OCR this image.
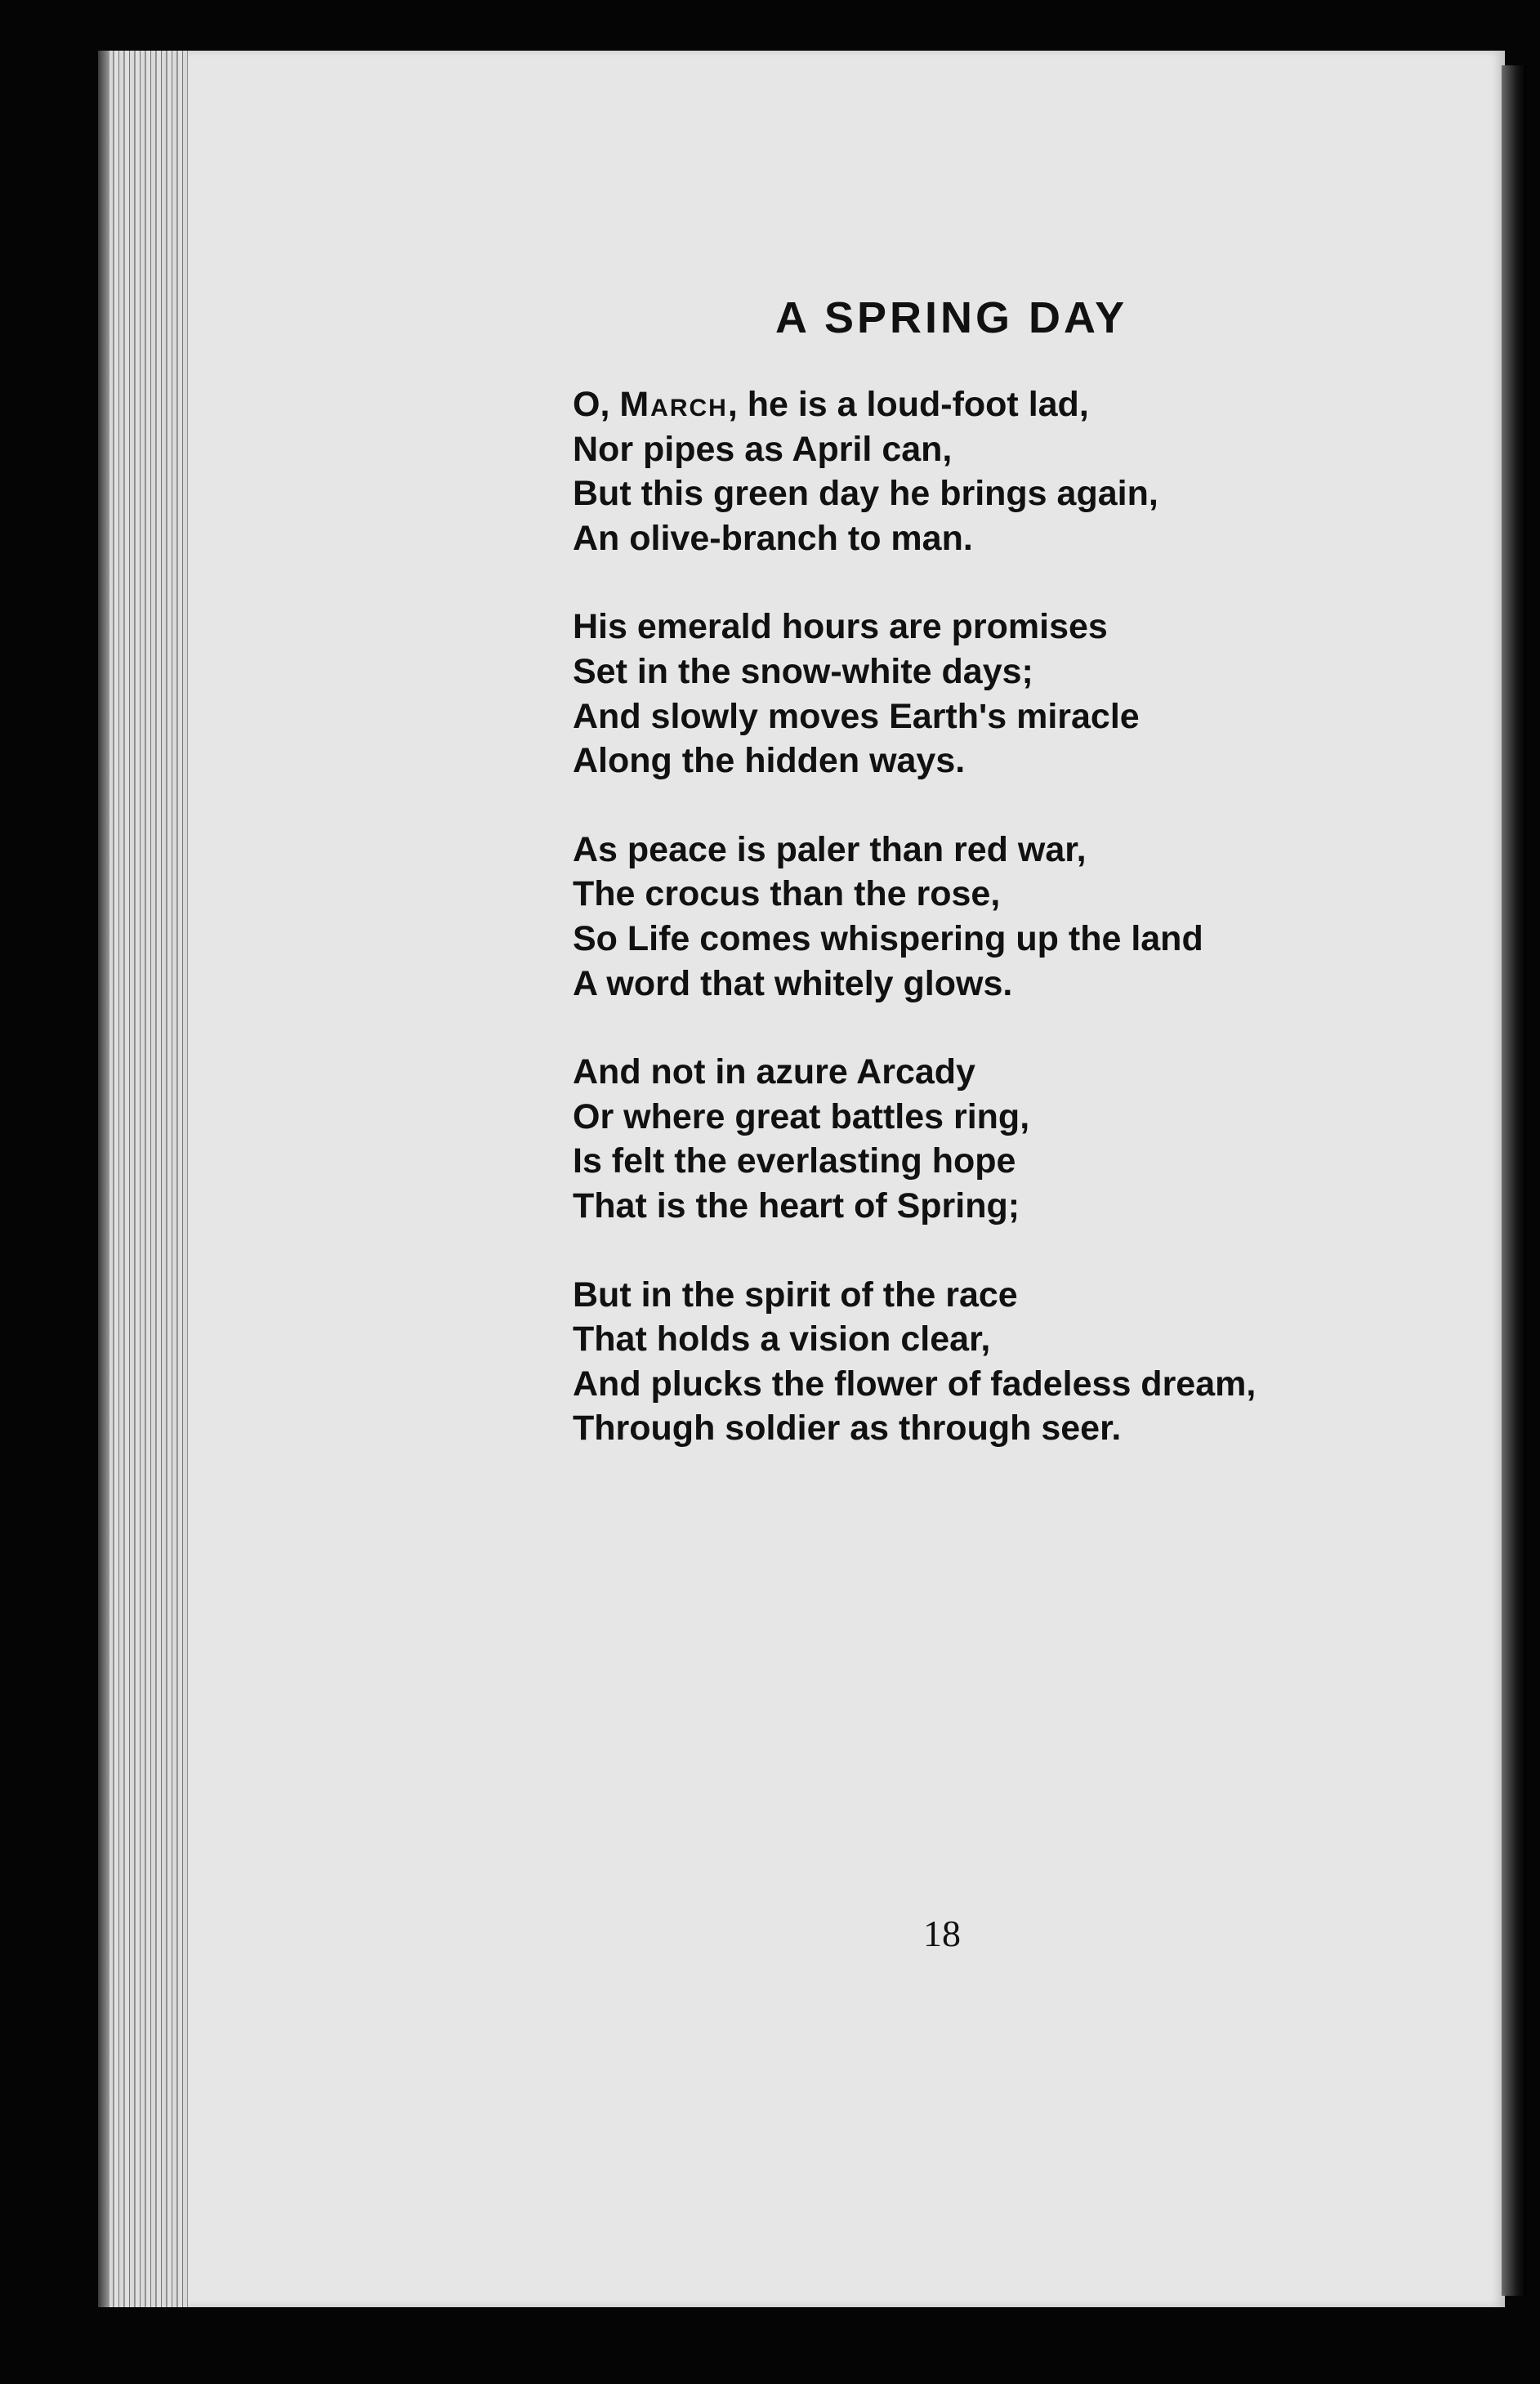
A SPRING DAY
O, March, he is a loud-foot lad,
Nor pipes as April can,
But this green day he brings again,
An olive-branch to man.
His emerald hours are promises
Set in the snow-white days;
And slowly moves Earth's miracle
Along the hidden ways.
As peace is paler than red war,
The crocus than the rose,
So Life comes whispering up the land
A word that whitely glows.
And not in azure Arcady
Or where great battles ring,
Is felt the everlasting hope
That is the heart of Spring;
But in the spirit of the race
That holds a vision clear,
And plucks the flower of fadeless dream,
Through soldier as through seer.
18
